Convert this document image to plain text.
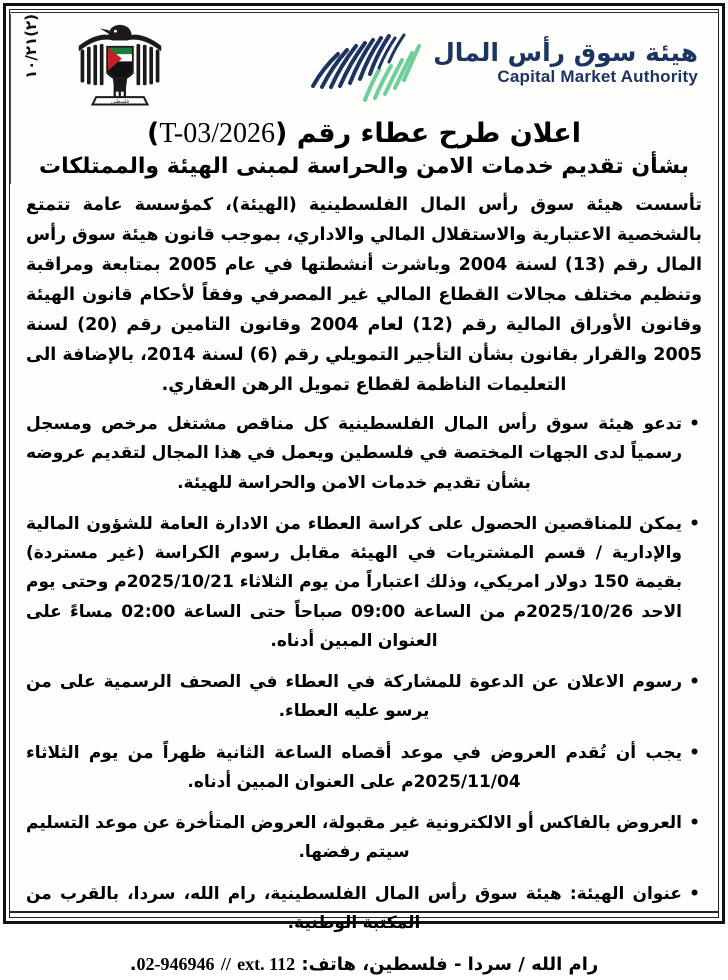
(٢)١٠/٢١
فلسطين
هيئة سوق رأس المال
Capital Market Authority
اعلان طرح عطاء رقم (T-03/2026)
بشأن تقديم خدمات الامن والحراسة لمبنى الهيئة والممتلكات

تأسست هيئة سوق رأس المال الفلسطينية (الهيئة)، كمؤسسة عامة تتمتع بالشخصية الاعتبارية والاستقلال المالي والاداري، بموجب قانون هيئة سوق رأس المال رقم (13) لسنة 2004 وباشرت أنشطتها في عام 2005 بمتابعة ومراقبة وتنظيم مختلف مجالات القطاع المالي غير المصرفي وفقاً لأحكام قانون الهيئة وقانون الأوراق المالية رقم (12) لعام 2004 وقانون التامين رقم (20) لسنة 2005 والقرار بقانون بشأن التأجير التمويلي رقم (6) لسنة 2014، بالإضافة الى التعليمات الناظمة لقطاع تمويل الرهن العقاري.

• تدعو هيئة سوق رأس المال الفلسطينية كل مناقص مشتغل مرخص ومسجل رسمياً لدى الجهات المختصة في فلسطين ويعمل في هذا المجال لتقديم عروضه بشأن تقديم خدمات الامن والحراسة للهيئة.
• يمكن للمناقصين الحصول على كراسة العطاء من الادارة العامة للشؤون المالية والإدارية / قسم المشتريات في الهيئة مقابل رسوم الكراسة (غير مستردة) بقيمة 150 دولار امريكي، وذلك اعتباراً من يوم الثلاثاء 2025/10/21م وحتى يوم الاحد 2025/10/26م من الساعة 09:00 صباحاً حتى الساعة 02:00 مساءً على العنوان المبين أدناه.
• رسوم الاعلان عن الدعوة للمشاركة في العطاء في الصحف الرسمية على من يرسو عليه العطاء.
• يجب أن تُقدم العروض في موعد أقصاه الساعة الثانية ظهراً من يوم الثلاثاء 2025/11/04م على العنوان المبين أدناه.
• العروض بالفاكس أو الالكترونية غير مقبولة، العروض المتأخرة عن موعد التسليم سيتم رفضها.
• عنوان الهيئة: هيئة سوق رأس المال الفلسطينية، رام الله، سردا، بالقرب من المكتبة الوطنية.
رام الله / سردا - فلسطين، هاتف: 02-946946 // ext. 112.
